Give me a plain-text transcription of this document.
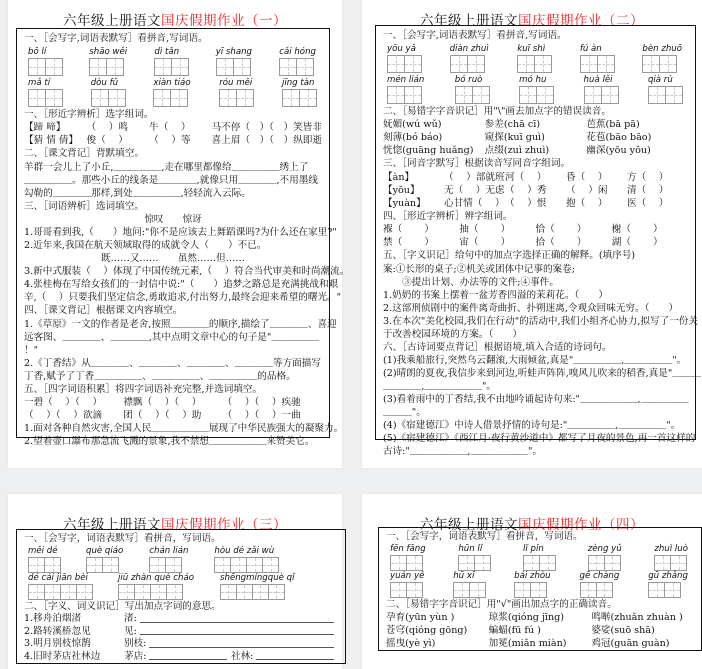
六年级上册语文国庆假期作业（一）
一、［会写字,词语表默写］看拼音,写词语。
bō lí	shāo wěi	dì tǎn	yī shang	cǎi hóng
mǎ tí	dòu fǔ	xiàn tiáo	róu měi	jīng tàn
一、［形近字辨析］选字组词。
【蹄 啼】	（　 ）鸣	牛（　 ）	马不停（　）（　）笑皆非
【猜 情 倩】 俊（　 ）	（　 ）等	喜上眉（　）（　）纵即逝
二、［课文背记］背默填空。
羊群一会儿上了小丘,＿＿＿＿＿,走在哪里都像给＿＿＿＿＿绣上了
＿＿＿＿＿。那些小丘的线条是＿＿＿＿,就像只用＿＿＿＿,不用墨线
勾勒的＿＿＿＿那样,到处＿＿＿＿＿,轻轻流入云际。
三、［词语辨析］选词填空。
惊叹　　惊讶
1.哥哥看到我,（　　）地问:"你不是应该去上舞蹈课吗?为什么还在家里?"
2.近年来,我国在航天领域取得的成就令人（　　）不已。
既……又……　　虽然……但……
3.新中式服装（　 ）体现了中国传统元素,（　 ）符合当代审美和时尚潮流。
4.张桂梅在写给女孩们的一封信中说:"（　　）追梦之路总是充满挑战和艰
辛,（　 ）只要我们坚定信念,勇敢追求,付出努力,最终会迎来希望的曙光。"
四、［课文背记］根据课文内容填空。
1.《草原》一文的作者是老舍,按照＿＿＿＿的顺序,描绘了＿＿＿＿、喜迎
远客图、＿＿＿＿、＿＿＿＿,其中点明文章中心的句子是"＿＿＿＿＿
！"
2.《丁香结》从＿＿＿＿、＿＿＿＿、＿＿＿＿、＿＿＿＿等方面描写
丁香,赋予了丁香＿＿＿＿＿、＿＿＿＿＿、＿＿＿＿＿的品格。
五、［四字词语积累］将四字词语补充完整,并选词填空。
一碧（　 ）（　 ）	襟飘（　 ）（　 ）	（　 ）（　 ）疾驰
（　 ）（　 ）欲滴	团（　 ）（　 ）助	（　 ）（　 ）一曲
1.面对各种自然灾害,全国人民＿＿＿＿＿＿展现了中华民族强大的凝聚力。
2.望着壶口瀑布那急流飞溅的景象,我不禁想＿＿＿＿＿＿来赞美它。
六年级上册语文国庆假期作业（二）
一、［会写字,词语表默写］看拼音,写词语。
yōu yǎ	diàn zhuì	kuī shì	fú àn	bèn zhuō
mén lián	bó ruò	mó hu	huà lěi	qià rù
二、［易错字字音识记］用"\"画去加点字的错误读音。
妩媚(wú wǔ)	参差(chā cī)	芭蕉(bā pā)
刻薄(bó báo)	窥探(kuī guì)	花苞(bāo bāo)
恍惚(guāng huǎng)	点缀(zuì zhuì)	幽深(yōu yōu)
三、［同音字默写］根据读音写同音字组词。
【àn】	（　 ）部就班 河（　 ）	昏（　 ）	方（　 ）
【yōu】	无（　 ）无虑 （　 ）秀	（　 ）闲	清（　 ）
【yuàn】	心甘情（　 ） （　 ）恨	抱（　 ）	医（　 ）
四、［形近字辨析］辨字组词。
褓（　　 ）	抽（　　 ）	恰（　　 ）	榭（　　 ）
禁（　　 ）	宙（　　 ）	拾（　　 ）	湖（　　 ）
五、［字义识记］给句中的加点字选择正确的解释。(填序号)
案:①长形的桌子;②机关或团体中记事的案卷;
　　③提出计划、办法等的文件;④事件。
1.奶奶的书案上摆着一盆芳香四溢的茉莉花。（　　）
2.这部刑侦剧中的案件离奇曲折、扑朔迷离,令观众回味无穷。（　　）
3.在本次"美化校园,我们在行动"的活动中,我们小组齐心协力,拟写了一份关
于改善校园环境的方案。（　　）
六、［古诗词要点背记］根据语境,填入合适的诗词句。
(1)我乘船旅行,突然乌云翻滚,大雨倾盆,真是"＿＿＿＿＿,＿＿＿＿＿"。
(2)晴朗的夏夜,我信步来到河边,听蛙声阵阵,嗅风儿吹来的稻香,真是"＿＿＿
＿＿＿＿,＿＿＿＿＿＿"。
(3)看着雨中的丁香结,我不由地吟诵起诗句来:"＿＿＿＿＿＿,＿＿＿＿＿
＿＿＿"。
(4)《宿建德江》中诗人借景抒情的诗句是:"＿＿＿＿＿,＿＿＿＿＿"。
(5)《宿建德江》《西江月·夜行黄沙道中》都写了月夜的景色,再一首这样的
古诗:"＿＿＿＿＿＿,＿＿＿＿＿＿"。
六年级上册语文国庆假期作业（三）
一、［会写字，词语表默写］看拼音，写词语。
měi dé	què qiáo	chán lián	hòu dé zǎi wù
dé cái jiān bèi	jiū zhàn què cháo	shēngmíngquè qǐ
二、［字义、词义识记］写出加点字词的意思。
1.移舟泊烟渚	渚:
2.路转溪桥忽见	见:
3.明月别枝惊鹊	别枝:
4.旧时茅店社林边	茅店:	社林:
六年级上册语文国庆假期作业（四）
一、［会写字，词语表默写］看拼音，写词语。
fēn fāng	hūn lǐ	lǐ pǐn	zèng yǔ	zhuì luò
yuán yě	hū xī	bái zhòu	gē chàng	gū zhǎng
二、［易错字字音识记］用"√"画出加点字的正确读音。
孕育(yūn yùn )	琼浆(qióng jīng)	鸣啭(zhuǎn zhuàn )
苍穹(qióng gōng)	蝙蝠(fū fú )	婆娑(suō shā)
摇曳(yè yì)	加冕(miǎn miàn)	鸡冠(guān guàn)
